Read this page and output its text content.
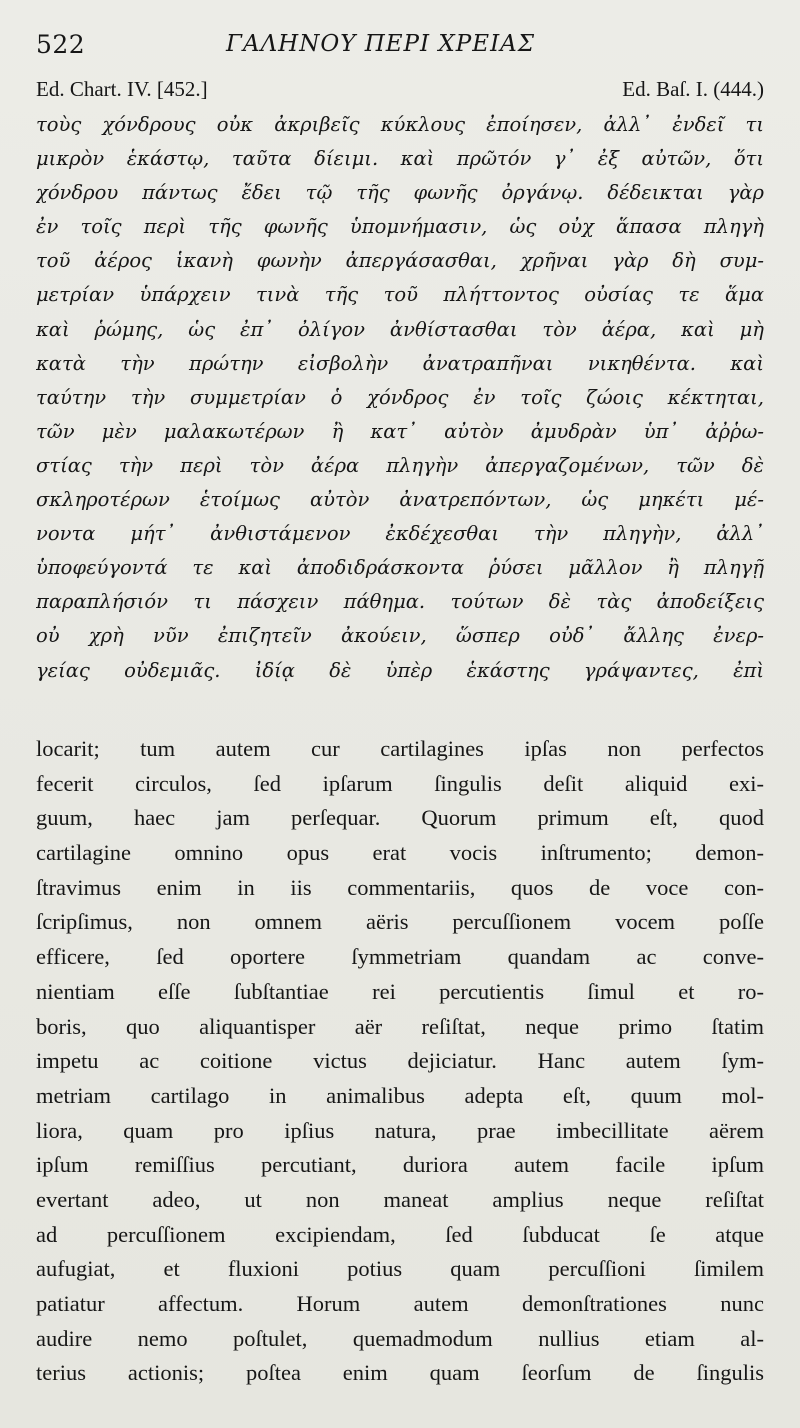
522	ΓΑΛΗΝΟΥ ΠΕΡΙ ΧΡΕΙΑΣ
Ed. Chart. IV. [452.]	Ed. Baſ. I. (444.)
τοὺς χόνδρους οὐκ ἀκριβεῖς κύκλους ἐποίησεν, ἀλλ᾿ ἐνδεῖ τι
μικρὸν ἑκάστῳ, ταῦτα δίειμι. καὶ πρῶτόν γ᾿ ἐξ αὐτῶν, ὅτι
χόνδρου πάντως ἔδει τῷ τῆς φωνῆς ὀργάνῳ. δέδεικται γὰρ
ἐν τοῖς περὶ τῆς φωνῆς ὑπομνήμασιν, ὡς οὐχ ἅπασα πληγὴ
τοῦ ἀέρος ἱκανὴ φωνὴν ἀπεργάσασθαι, χρῆναι γὰρ δὴ συμ-
μετρίαν ὑπάρχειν τινὰ τῆς τοῦ πλήττοντος οὐσίας τε ἅμα
καὶ ῥώμης, ὡς ἐπ᾿ ὀλίγον ἀνθίστασθαι τὸν ἀέρα, καὶ μὴ
κατὰ τὴν πρώτην εἰσβολὴν ἀνατραπῆναι νικηθέντα. καὶ
ταύτην τὴν συμμετρίαν ὁ χόνδρος ἐν τοῖς ζώοις κέκτηται,
τῶν μὲν μαλακωτέρων ἢ κατ᾿ αὐτὸν ἀμυδρὰν ὑπ᾿ ἀῤῥω-
στίας τὴν περὶ τὸν ἀέρα πληγὴν ἀπεργαζομένων, τῶν δὲ
σκληροτέρων ἑτοίμως αὐτὸν ἀνατρεπόντων, ὡς μηκέτι μέ-
νοντα μήτ᾿ ἀνθιστάμενον ἐκδέχεσθαι τὴν πληγὴν, ἀλλ᾿
ὑποφεύγοντά τε καὶ ἀποδιδράσκοντα ῥύσει μᾶλλον ἢ πληγῇ
παραπλήσιόν τι πάσχειν πάθημα. τούτων δὲ τὰς ἀποδείξεις
οὐ χρὴ νῦν ἐπιζητεῖν ἀκούειν, ὥσπερ οὐδ᾿ ἄλλης ἐνερ-
γείας οὐδεμιᾶς. ἰδίᾳ δὲ ὑπὲρ ἑκάστης γράψαντες, ἐπὶ
locarit; tum autem cur cartilagines ipſas non perfectos
fecerit circulos, ſed ipſarum ſingulis deſit aliquid exi-
guum, haec jam perſequar. Quorum primum eſt, quod
cartilagine omnino opus erat vocis inſtrumento; demon-
ſtravimus enim in iis commentariis, quos de voce con-
ſcripſimus, non omnem aëris percuſſionem vocem poſſe
efficere, ſed oportere ſymmetriam quandam ac conve-
nientiam eſſe ſubſtantiae rei percutientis ſimul et ro-
boris, quo aliquantisper aër reſiſtat, neque primo ſtatim
impetu ac coitione victus dejiciatur. Hanc autem ſym-
metriam cartilago in animalibus adepta eſt, quum mol-
liora, quam pro ipſius natura, prae imbecillitate aërem
ipſum remiſſius percutiant, duriora autem facile ipſum
evertant adeo, ut non maneat amplius neque reſiſtat
ad percuſſionem excipiendam, ſed ſubducat ſe atque
aufugiat, et fluxioni potius quam percuſſioni ſimilem
patiatur affectum. Horum autem demonſtrationes nunc
audire nemo poſtulet, quemadmodum nullius etiam al-
terius actionis; poſtea enim quam ſeorſum de ſingulis
